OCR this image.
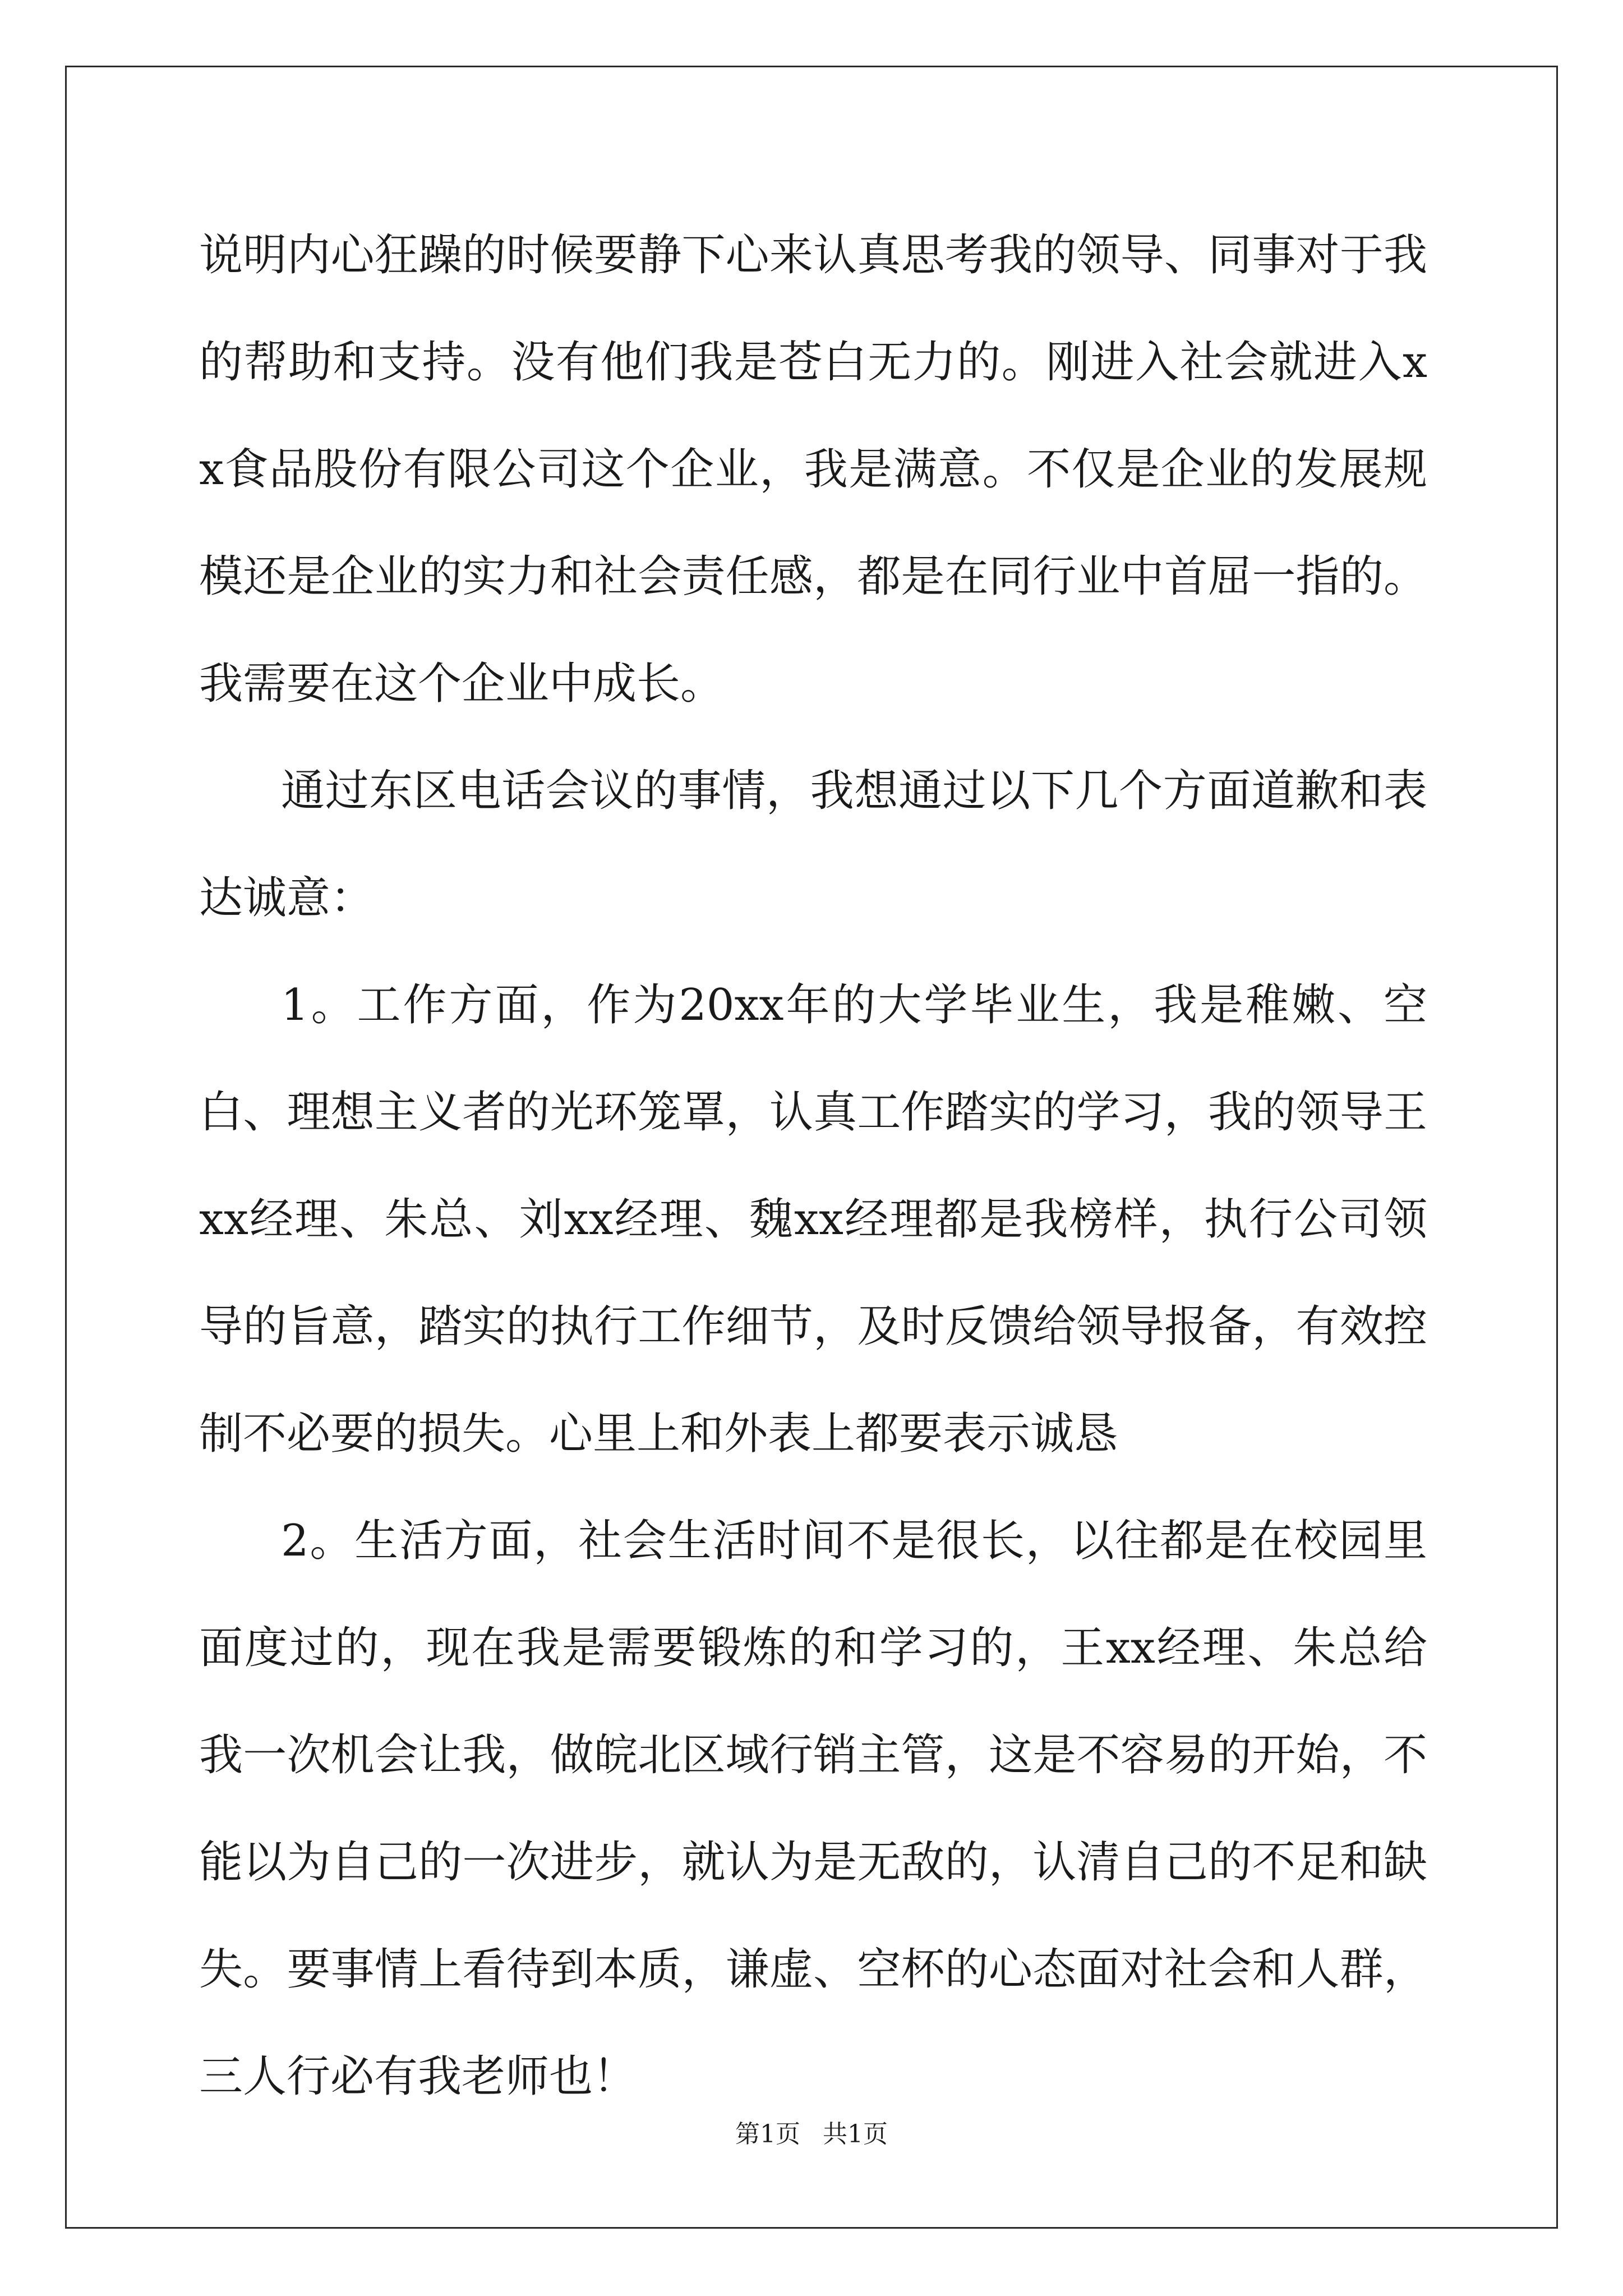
说明内心狂躁的时候要静下心来认真思考我的领导、同事对于我的帮助和支持。没有他们我是苍白无力的。刚进入社会就进入xx食品股份有限公司这个企业，我是满意。不仅是企业的发展规模还是企业的实力和社会责任感，都是在同行业中首屈一指的。我需要在这个企业中成长。

通过东区电话会议的事情，我想通过以下几个方面道歉和表达诚意：

1。工作方面，作为20xx年的大学毕业生，我是稚嫩、空白、理想主义者的光环笼罩，认真工作踏实的学习，我的领导王xx经理、朱总、刘xx经理、魏xx经理都是我榜样，执行公司领导的旨意，踏实的执行工作细节，及时反馈给领导报备，有效控制不必要的损失。心里上和外表上都要表示诚恳

2。生活方面，社会生活时间不是很长，以往都是在校园里面度过的，现在我是需要锻炼的和学习的，王xx经理、朱总给我一次机会让我，做皖北区域行销主管，这是不容易的开始，不能以为自己的一次进步，就认为是无敌的，认清自己的不足和缺失。要事情上看待到本质，谦虚、空杯的心态面对社会和人群，三人行必有我老师也！

第1页 共1页
